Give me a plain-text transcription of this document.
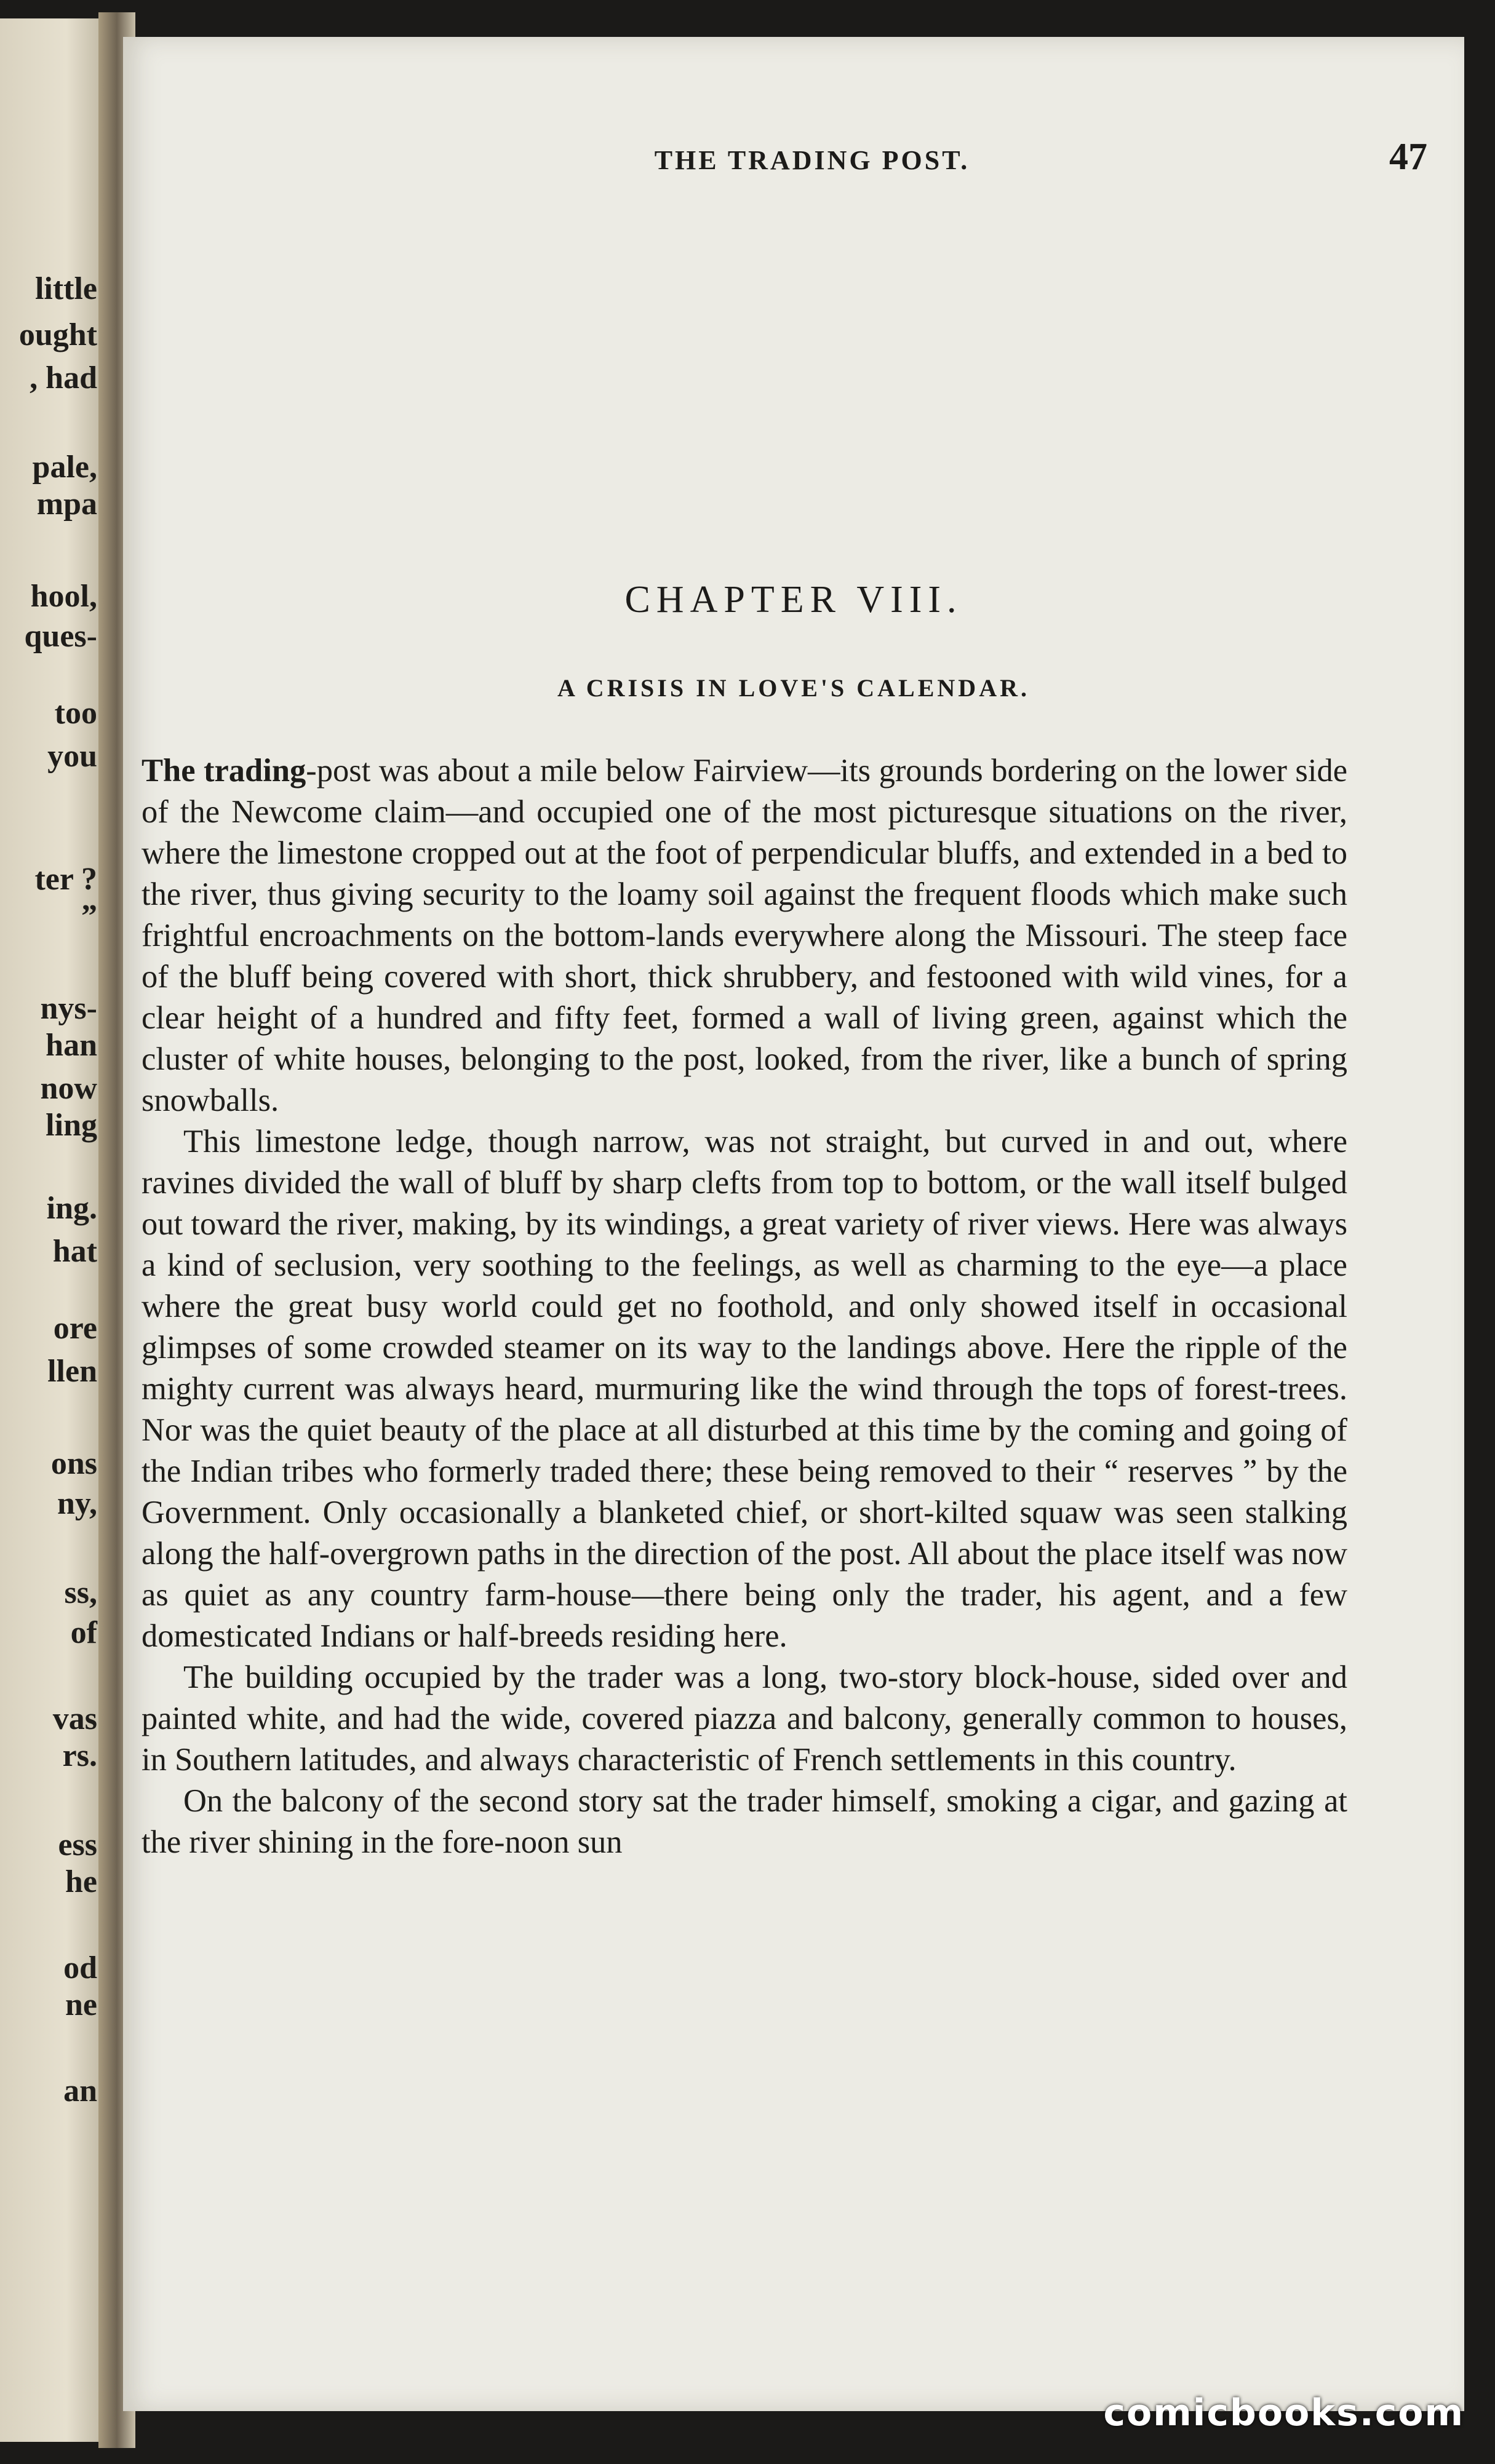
little
ought
, had
pale,
mpa
hool,
ques-
too
you
ter ?
”
nys-
han
now
ling
ing.
hat
ore
llen
ons
ny,
ss,
of
vas
rs.
ess
he
od
ne
an
THE TRADING POST.	47
CHAPTER VIII.
A CRISIS IN LOVE'S CALENDAR.

The trading-post was about a mile below Fairview—its grounds bordering on the lower side of the Newcome claim—and occupied one of the most picturesque situations on the river, where the limestone cropped out at the foot of perpendicular bluffs, and extended in a bed to the river, thus giving security to the loamy soil against the frequent floods which make such frightful encroachments on the bottom-lands everywhere along the Missouri. The steep face of the bluff being covered with short, thick shrubbery, and festooned with wild vines, for a clear height of a hundred and fifty feet, formed a wall of living green, against which the cluster of white houses, belonging to the post, looked, from the river, like a bunch of spring snowballs.

This limestone ledge, though narrow, was not straight, but curved in and out, where ravines divided the wall of bluff by sharp clefts from top to bottom, or the wall itself bulged out toward the river, making, by its windings, a great variety of river views. Here was always a kind of seclusion, very soothing to the feelings, as well as charming to the eye—a place where the great busy world could get no foothold, and only showed itself in occasional glimpses of some crowded steamer on its way to the landings above. Here the ripple of the mighty current was always heard, murmuring like the wind through the tops of forest-trees. Nor was the quiet beauty of the place at all disturbed at this time by the coming and going of the Indian tribes who formerly traded there; these being removed to their “ reserves ” by the Government. Only occasionally a blanketed chief, or short-kilted squaw was seen stalking along the half-overgrown paths in the direction of the post. All about the place itself was now as quiet as any country farm-house—there being only the trader, his agent, and a few domesticated Indians or half-breeds residing here.

The building occupied by the trader was a long, two-story block-house, sided over and painted white, and had the wide, covered piazza and balcony, generally common to houses, in Southern latitudes, and always characteristic of French settlements in this country.

On the balcony of the second story sat the trader himself, smoking a cigar, and gazing at the river shining in the fore-noon sun

comicbooks.com
